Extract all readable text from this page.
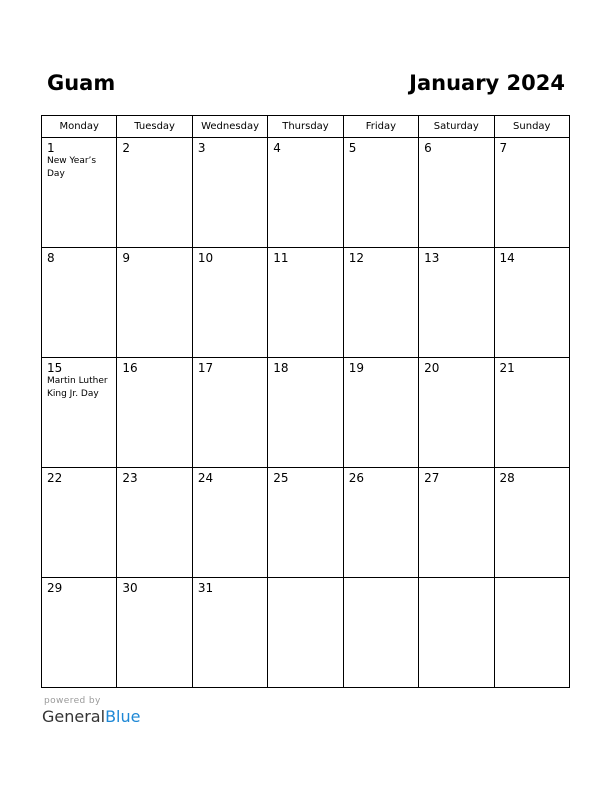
Guam	January 2024
Monday	Tuesday	Wednesday	Thursday	Friday	Saturday	Sunday

1
New Year’s Day	2	3	4	5	6	7

8	9	10	11	12	13	14

15
Martin Luther King Jr. Day	16	17	18	19	20	21

22	23	24	25	26	27	28

29	30	31				

powered by
GeneralBlue
